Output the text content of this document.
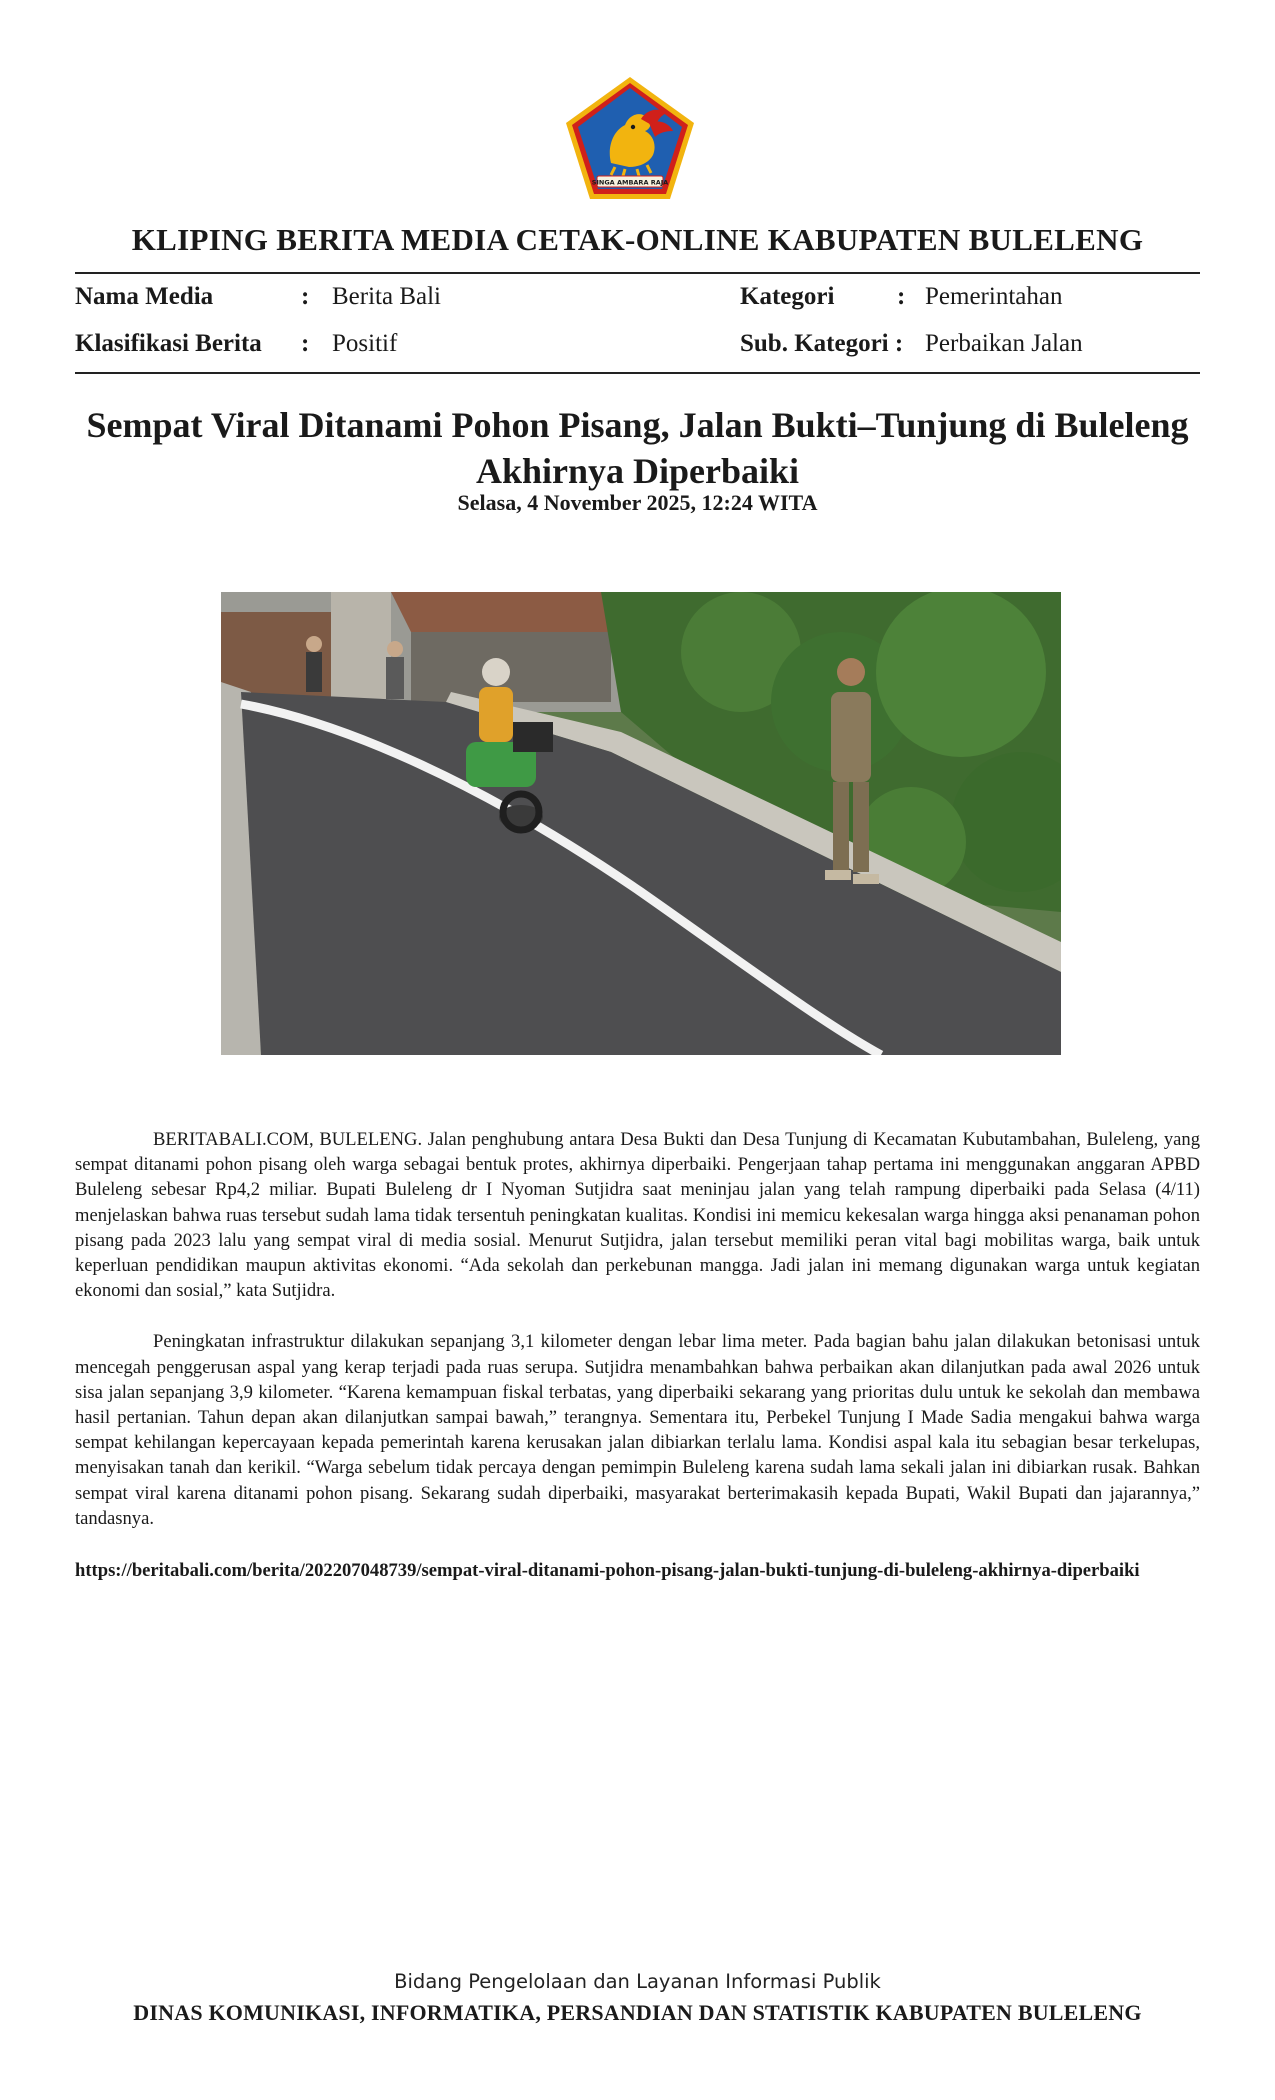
SINGA AMBARA RAJA
KLIPING BERITA MEDIA CETAK-ONLINE KABUPATEN BULELENG
Nama Media	: Berita Bali	Kategori	: Pemerintahan
Klasifikasi Berita : Positif	Sub. Kategori : Perbaikan Jalan
Sempat Viral Ditanami Pohon Pisang, Jalan Bukti–Tunjung di Buleleng Akhirnya Diperbaiki
Selasa, 4 November 2025, 12:24 WITA

BERITABALI.COM, BULELENG. Jalan penghubung antara Desa Bukti dan Desa Tunjung di Kecamatan Kubutambahan, Buleleng, yang sempat ditanami pohon pisang oleh warga sebagai bentuk protes, akhirnya diperbaiki. Pengerjaan tahap pertama ini menggunakan anggaran APBD Buleleng sebesar Rp4,2 miliar. Bupati Buleleng dr I Nyoman Sutjidra saat meninjau jalan yang telah rampung diperbaiki pada Selasa (4/11) menjelaskan bahwa ruas tersebut sudah lama tidak tersentuh peningkatan kualitas. Kondisi ini memicu kekesalan warga hingga aksi penanaman pohon pisang pada 2023 lalu yang sempat viral di media sosial. Menurut Sutjidra, jalan tersebut memiliki peran vital bagi mobilitas warga, baik untuk keperluan pendidikan maupun aktivitas ekonomi. “Ada sekolah dan perkebunan mangga. Jadi jalan ini memang digunakan warga untuk kegiatan ekonomi dan sosial,” kata Sutjidra.

Peningkatan infrastruktur dilakukan sepanjang 3,1 kilometer dengan lebar lima meter. Pada bagian bahu jalan dilakukan betonisasi untuk mencegah penggerusan aspal yang kerap terjadi pada ruas serupa. Sutjidra menambahkan bahwa perbaikan akan dilanjutkan pada awal 2026 untuk sisa jalan sepanjang 3,9 kilometer. “Karena kemampuan fiskal terbatas, yang diperbaiki sekarang yang prioritas dulu untuk ke sekolah dan membawa hasil pertanian. Tahun depan akan dilanjutkan sampai bawah,” terangnya. Sementara itu, Perbekel Tunjung I Made Sadia mengakui bahwa warga sempat kehilangan kepercayaan kepada pemerintah karena kerusakan jalan dibiarkan terlalu lama. Kondisi aspal kala itu sebagian besar terkelupas, menyisakan tanah dan kerikil. “Warga sebelum tidak percaya dengan pemimpin Buleleng karena sudah lama sekali jalan ini dibiarkan rusak. Bahkan sempat viral karena ditanami pohon pisang. Sekarang sudah diperbaiki, masyarakat berterimakasih kepada Bupati, Wakil Bupati dan jajarannya,” tandasnya.

https://beritabali.com/berita/202207048739/sempat-viral-ditanami-pohon-pisang-jalan-bukti-tunjung-di-buleleng-akhirnya-diperbaiki
Bidang Pengelolaan dan Layanan Informasi Publik
DINAS KOMUNIKASI, INFORMATIKA, PERSANDIAN DAN STATISTIK KABUPATEN BULELENG
